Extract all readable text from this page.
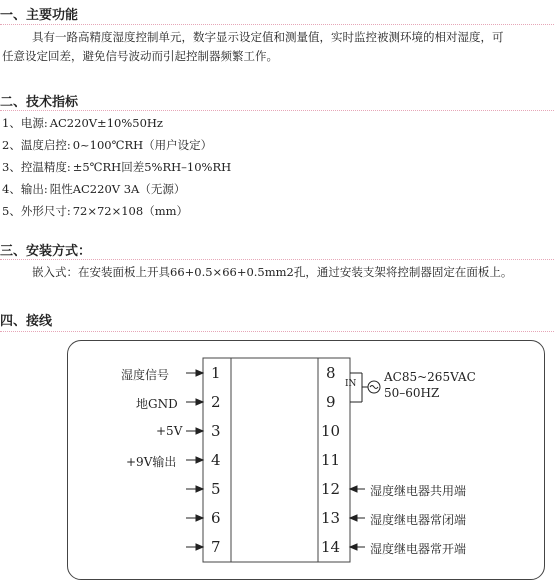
一、主要功能
具有一路高精度湿度控制单元，数字显示设定值和测量值，实时监控被测环境的相对湿度，可
任意设定回差，避免信号波动而引起控制器频繁工作。
二、技术指标
1、电源: AC220V±10%50Hz
2、温度启控: 0~100℃RH（用户设定）
3、控温精度: ±5℃RH回差5%RH–10%RH
4、输出: 阻性AC220V 3A（无源）
5、外形尺寸: 72×72×108（mm）
三、安装方式：
嵌入式：在安装面板上开具66+0.5×66+0.5mm2孔，通过安装支架将控制器固定在面板上。
四、接线
湿度信号
地GND
+5V
+9V输出
1
2
3
4
5
6
7
8
9
10
11
12
13
14
IN AC85~265VAC
50–60HZ
湿度继电器共用端
湿度继电器常闭端
湿度继电器常开端
